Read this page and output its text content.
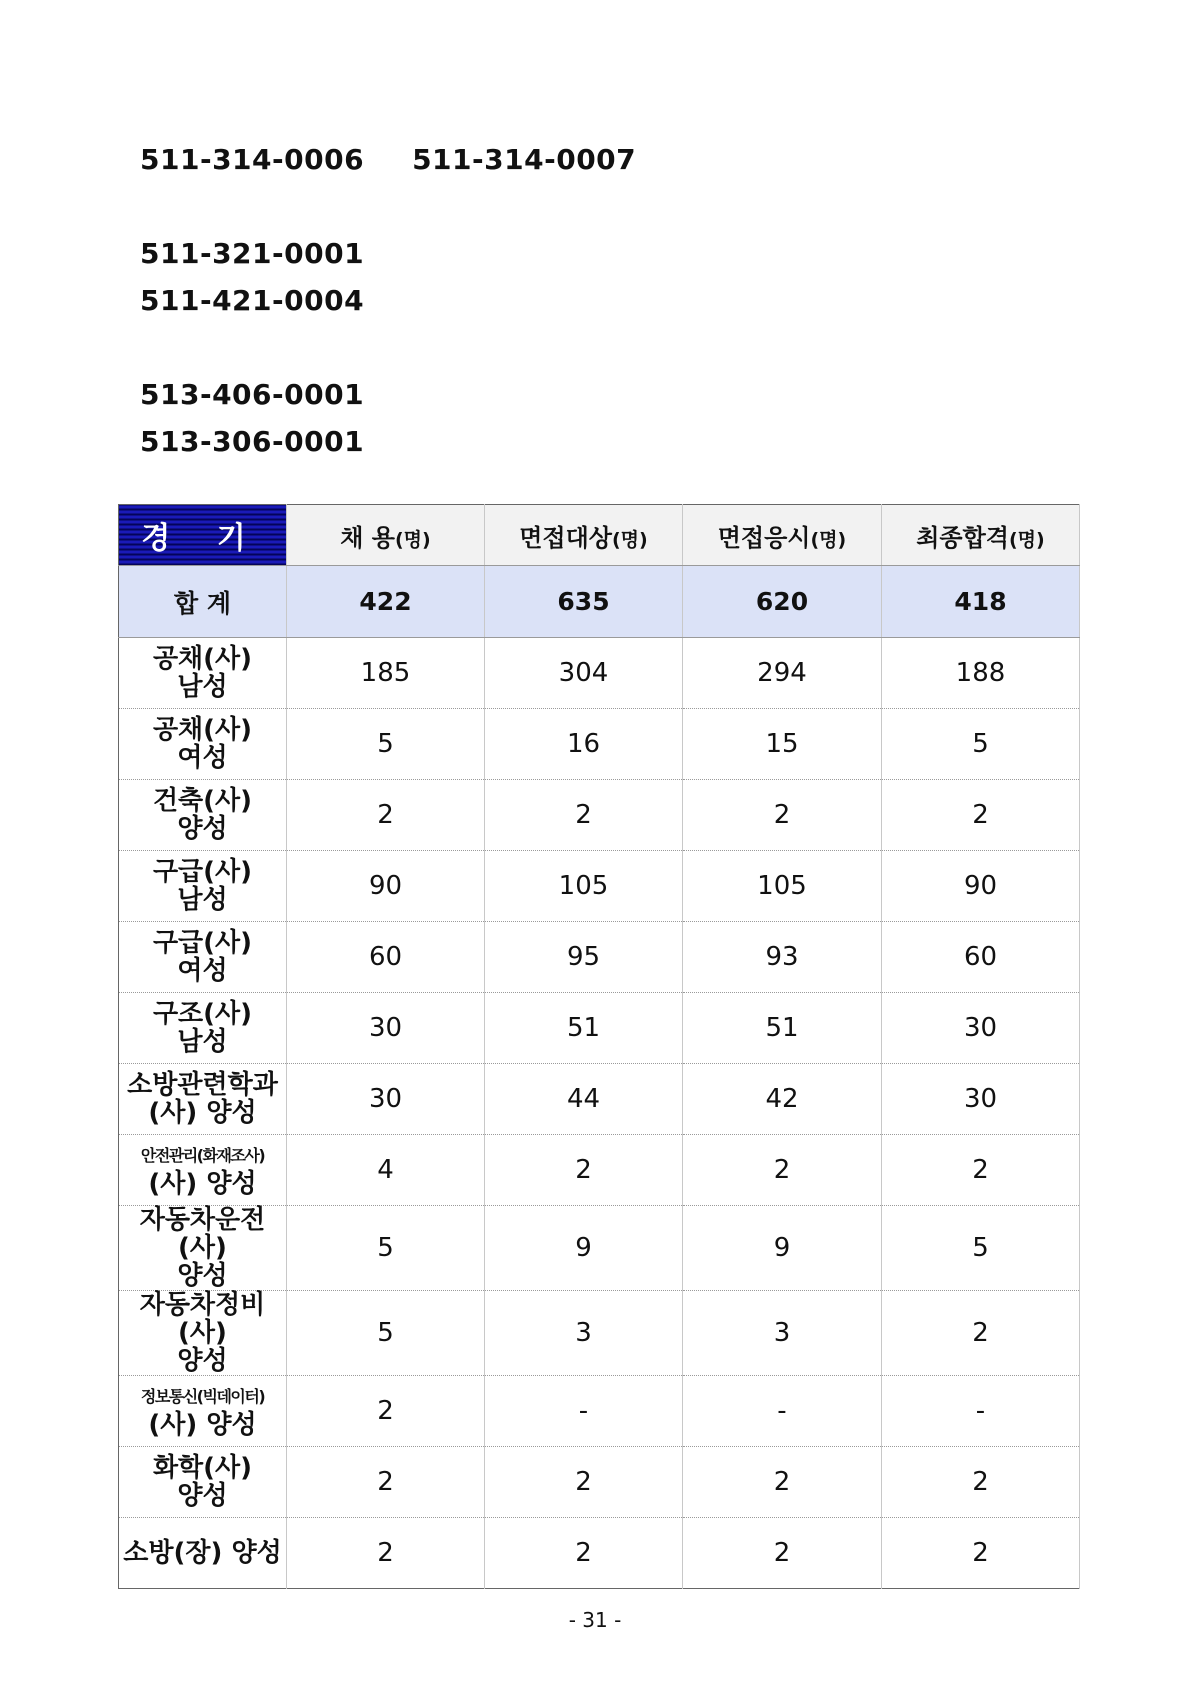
511-314-0006 511-314-0007
511-321-0001
511-421-0004
513-406-0001
513-306-0001
경 기	채 용(명)	면접대상(명)	면접응시(명)	최종합격(명)
합 계	422	635	620	418

공채(사)
남성	185	304	294	188

공채(사)
여성	5	16	15	5

건축(사)
양성	2	2	2	2

구급(사)
남성	90	105	105	90

구급(사)
여성	60	95	93	60

구조(사)
남성	30	51	51	30

소방관련학과
(사) 양성	30	44	42	30

안전관리(화재조사)
(사) 양성	4	2	2	2

자동차운전(사)
양성	5	9	9	5

자동차정비(사)
양성	5	3	3	2

정보통신(빅데이터)
(사) 양성	2	-	-	-

화학(사)
양성	2	2	2	2

소방(장) 양성	2	2	2	2
- 31 -
